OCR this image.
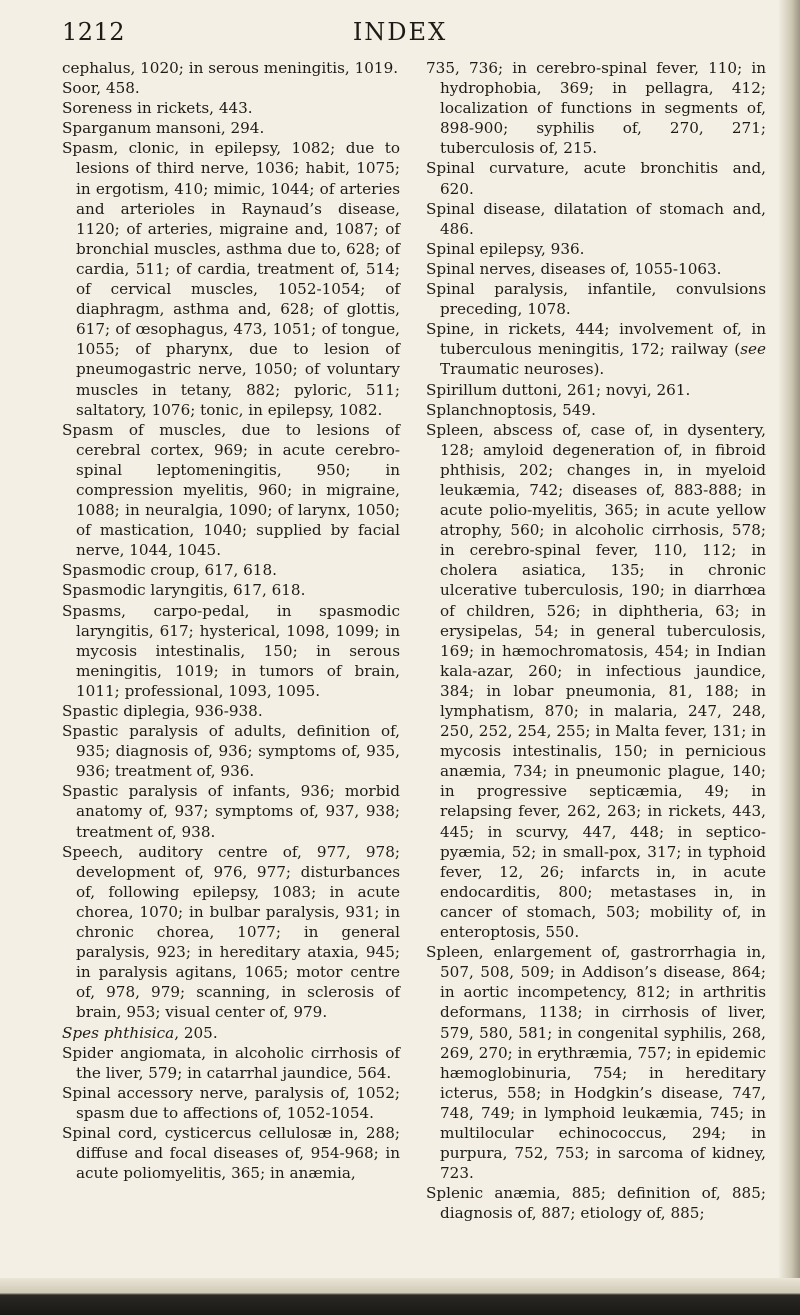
1212	INDEX

cephalus, 1020; in serous meningitis, 1019.

Soor, 458.

Soreness in rickets, 443.

Sparganum mansoni, 294.

Spasm, clonic, in epilepsy, 1082; due to lesions of third nerve, 1036; habit, 1075; in ergotism, 410; mimic, 1044; of arteries and arterioles in Raynaud’s disease, 1120; of arteries, migraine and, 1087; of bronchial muscles, asthma due to, 628; of cardia, 511; of cardia, treatment of, 514; of cervical muscles, 1052-1054; of diaphragm, asthma and, 628; of glottis, 617; of œsophagus, 473, 1051; of tongue, 1055; of pharynx, due to lesion of pneumogastric nerve, 1050; of voluntary muscles in tetany, 882; pyloric, 511; saltatory, 1076; tonic, in epilepsy, 1082.

Spasm of muscles, due to lesions of cerebral cortex, 969; in acute cerebro-spinal leptomeningitis, 950; in compression myelitis, 960; in migraine, 1088; in neuralgia, 1090; of larynx, 1050; of mastication, 1040; supplied by facial nerve, 1044, 1045.

Spasmodic croup, 617, 618.

Spasmodic laryngitis, 617, 618.

Spasms, carpo-pedal, in spasmodic laryngitis, 617; hysterical, 1098, 1099; in mycosis intestinalis, 150; in serous meningitis, 1019; in tumors of brain, 1011; professional, 1093, 1095.

Spastic diplegia, 936-938.

Spastic paralysis of adults, definition of, 935; diagnosis of, 936; symptoms of, 935, 936; treatment of, 936.

Spastic paralysis of infants, 936; morbid anatomy of, 937; symptoms of, 937, 938; treatment of, 938.

Speech, auditory centre of, 977, 978; development of, 976, 977; disturbances of, following epilepsy, 1083; in acute chorea, 1070; in bulbar paralysis, 931; in chronic chorea, 1077; in general paralysis, 923; in hereditary ataxia, 945; in paralysis agitans, 1065; motor centre of, 978, 979; scanning, in sclerosis of brain, 953; visual center of, 979.

Spes phthisica, 205.

Spider angiomata, in alcoholic cirrhosis of the liver, 579; in catarrhal jaundice, 564.

Spinal accessory nerve, paralysis of, 1052; spasm due to affections of, 1052-1054.

Spinal cord, cysticercus cellulosæ in, 288; diffuse and focal diseases of, 954-968; in acute poliomyelitis, 365; in anæmia,

735, 736; in cerebro-spinal fever, 110; in hydrophobia, 369; in pellagra, 412; localization of functions in segments of, 898-900; syphilis of, 270, 271; tuberculosis of, 215.

Spinal curvature, acute bronchitis and, 620.

Spinal disease, dilatation of stomach and, 486.

Spinal epilepsy, 936.

Spinal nerves, diseases of, 1055-1063.

Spinal paralysis, infantile, convulsions preceding, 1078.

Spine, in rickets, 444; involvement of, in tuberculous meningitis, 172; railway (see Traumatic neuroses).

Spirillum duttoni, 261; novyi, 261.

Splanchnoptosis, 549.

Spleen, abscess of, case of, in dysentery, 128; amyloid degeneration of, in fibroid phthisis, 202; changes in, in myeloid leukæmia, 742; diseases of, 883-888; in acute polio-myelitis, 365; in acute yellow atrophy, 560; in alcoholic cirrhosis, 578; in cerebro-spinal fever, 110, 112; in cholera asiatica, 135; in chronic ulcerative tuberculosis, 190; in diarrhœa of children, 526; in diphtheria, 63; in erysipelas, 54; in general tuberculosis, 169; in hæmochromatosis, 454; in Indian kala-azar, 260; in infectious jaundice, 384; in lobar pneumonia, 81, 188; in lymphatism, 870; in malaria, 247, 248, 250, 252, 254, 255; in Malta fever, 131; in mycosis intestinalis, 150; in pernicious anæmia, 734; in pneumonic plague, 140; in progressive septicæmia, 49; in relapsing fever, 262, 263; in rickets, 443, 445; in scurvy, 447, 448; in septico-pyæmia, 52; in small-pox, 317; in typhoid fever, 12, 26; infarcts in, in acute endocarditis, 800; metastases in, in cancer of stomach, 503; mobility of, in enteroptosis, 550.

Spleen, enlargement of, gastrorrhagia in, 507, 508, 509; in Addison’s disease, 864; in aortic incompetency, 812; in arthritis deformans, 1138; in cirrhosis of liver, 579, 580, 581; in congenital syphilis, 268, 269, 270; in erythræmia, 757; in epidemic hæmoglobinuria, 754; in hereditary icterus, 558; in Hodgkin’s disease, 747, 748, 749; in lymphoid leukæmia, 745; in multilocular echinococcus, 294; in purpura, 752, 753; in sarcoma of kidney, 723.

Splenic anæmia, 885; definition of, 885; diagnosis of, 887; etiology of, 885;
